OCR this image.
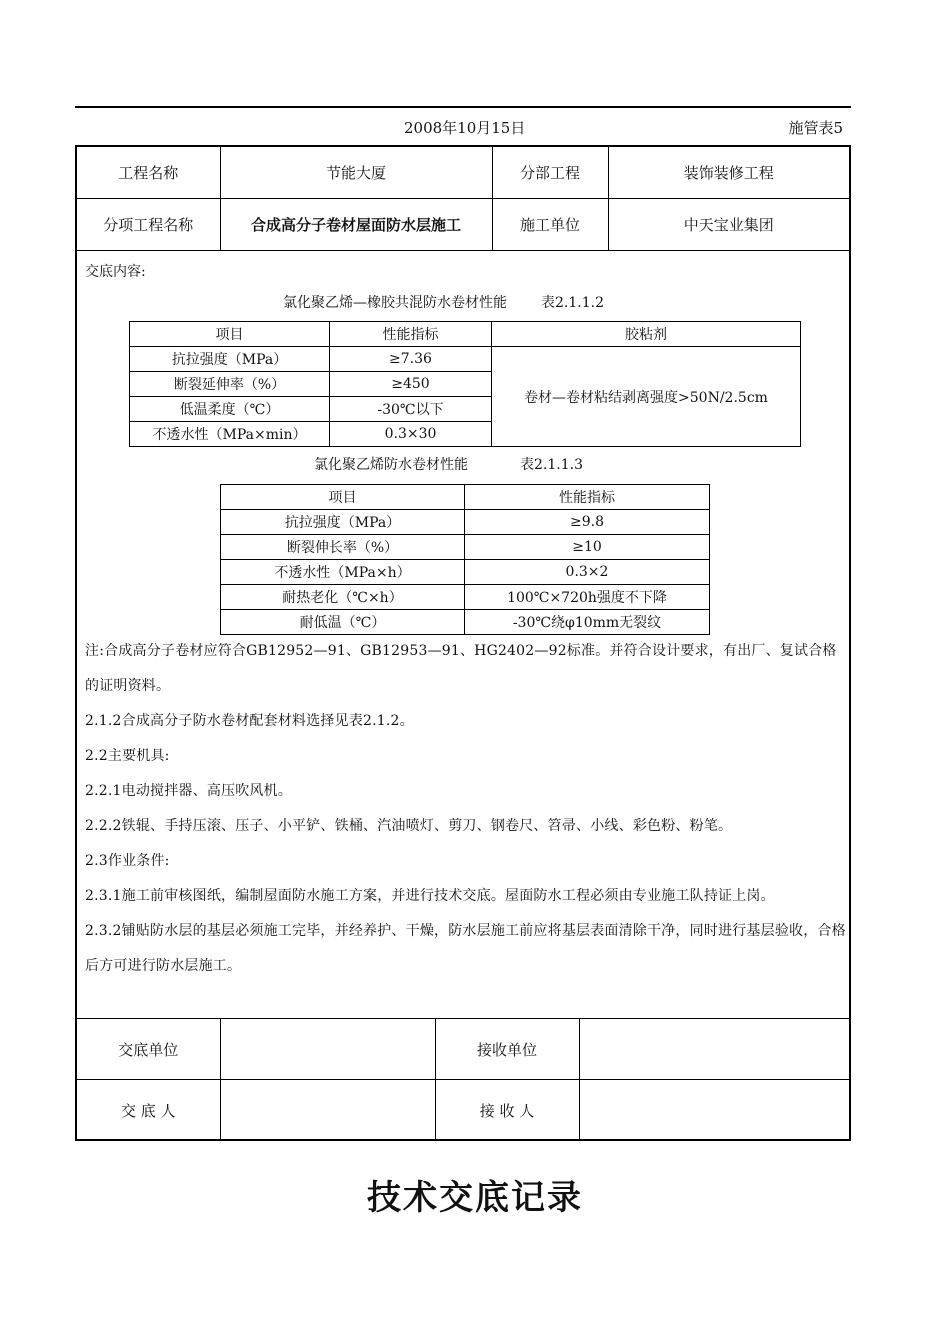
2008年10月15日	施管表5
工程名称	节能大厦	分部工程	装饰装修工程
分项工程名称	合成高分子卷材屋面防水层施工	施工单位	中天宝业集团
交底内容:
氯化聚乙烯—橡胶共混防水卷材性能 表2.1.1.2
项目	性能指标	胶粘剂
抗拉强度（MPa）	≥7.36	卷材—卷材粘结剥离强度>50N/2.5cm
断裂延伸率（%）	≥450	
低温柔度（℃）	-30℃以下	
不透水性（MPa×min）	0.3×30	
氯化聚乙烯防水卷材性能	表2.1.1.3
项目	性能指标
抗拉强度（MPa）	≥9.8
断裂伸长率（%）	≥10
不透水性（MPa×h）	0.3×2
耐热老化（℃×h）	100℃×720h强度不下降
耐低温（℃）	-30℃绕φ10mm无裂纹
注:合成高分子卷材应符合GB12952—91、GB12953—91、HG2402—92标准。并符合设计要求，有出厂、复试合格的证明资料。
2.1.2合成高分子防水卷材配套材料选择见表2.1.2。
2.2主要机具:
2.2.1电动搅拌器、高压吹风机。
2.2.2铁辊、手持压滚、压子、小平铲、铁桶、汽油喷灯、剪刀、钢卷尺、笤帚、小线、彩色粉、粉笔。
2.3作业条件:
2.3.1施工前审核图纸，编制屋面防水施工方案，并进行技术交底。屋面防水工程必须由专业施工队持证上岗。
2.3.2铺贴防水层的基层必须施工完毕，并经养护、干燥，防水层施工前应将基层表面清除干净，同时进行基层验收，合格后方可进行防水层施工。
交底单位		接收单位	
交 底 人		接 收 人	
技术交底记录
